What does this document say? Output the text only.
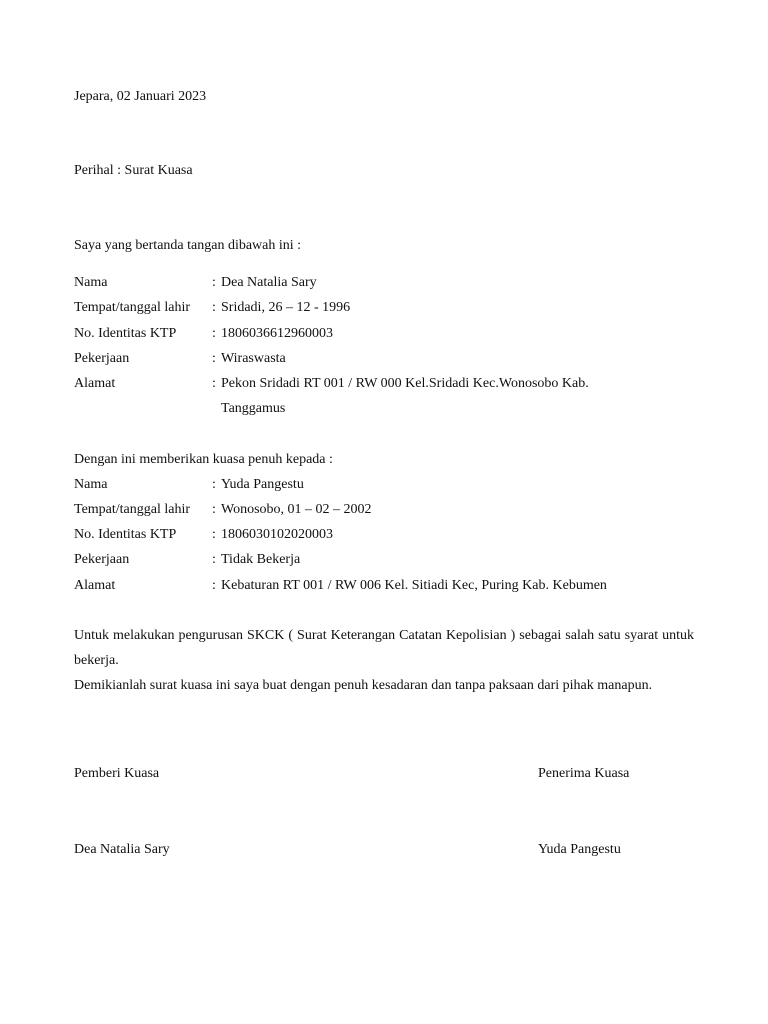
Jepara, 02 Januari 2023
Perihal : Surat Kuasa
Saya yang bertanda tangan dibawah ini :
Nama	: Dea Natalia Sary
Tempat/tanggal lahir : Sridadi, 26 – 12 - 1996
No. Identitas KTP	: 1806036612960003
Pekerjaan	: Wiraswasta
Alamat	: Pekon Sridadi RT 001 / RW 000 Kel.Sridadi Kec.Wonosobo Kab.
Tanggamus
Dengan ini memberikan kuasa penuh kepada :
Nama	: Yuda Pangestu
Tempat/tanggal lahir : Wonosobo, 01 – 02 – 2002
No. Identitas KTP	: 1806030102020003
Pekerjaan	: Tidak Bekerja
Alamat	: Kebaturan RT 001 / RW 006 Kel. Sitiadi Kec, Puring Kab. Kebumen
Untuk melakukan pengurusan SKCK ( Surat Keterangan Catatan Kepolisian ) sebagai salah satu syarat untuk bekerja.
Demikianlah surat kuasa ini saya buat dengan penuh kesadaran dan tanpa paksaan dari pihak manapun.
Pemberi Kuasa	Penerima Kuasa
Dea Natalia Sary	Yuda Pangestu
